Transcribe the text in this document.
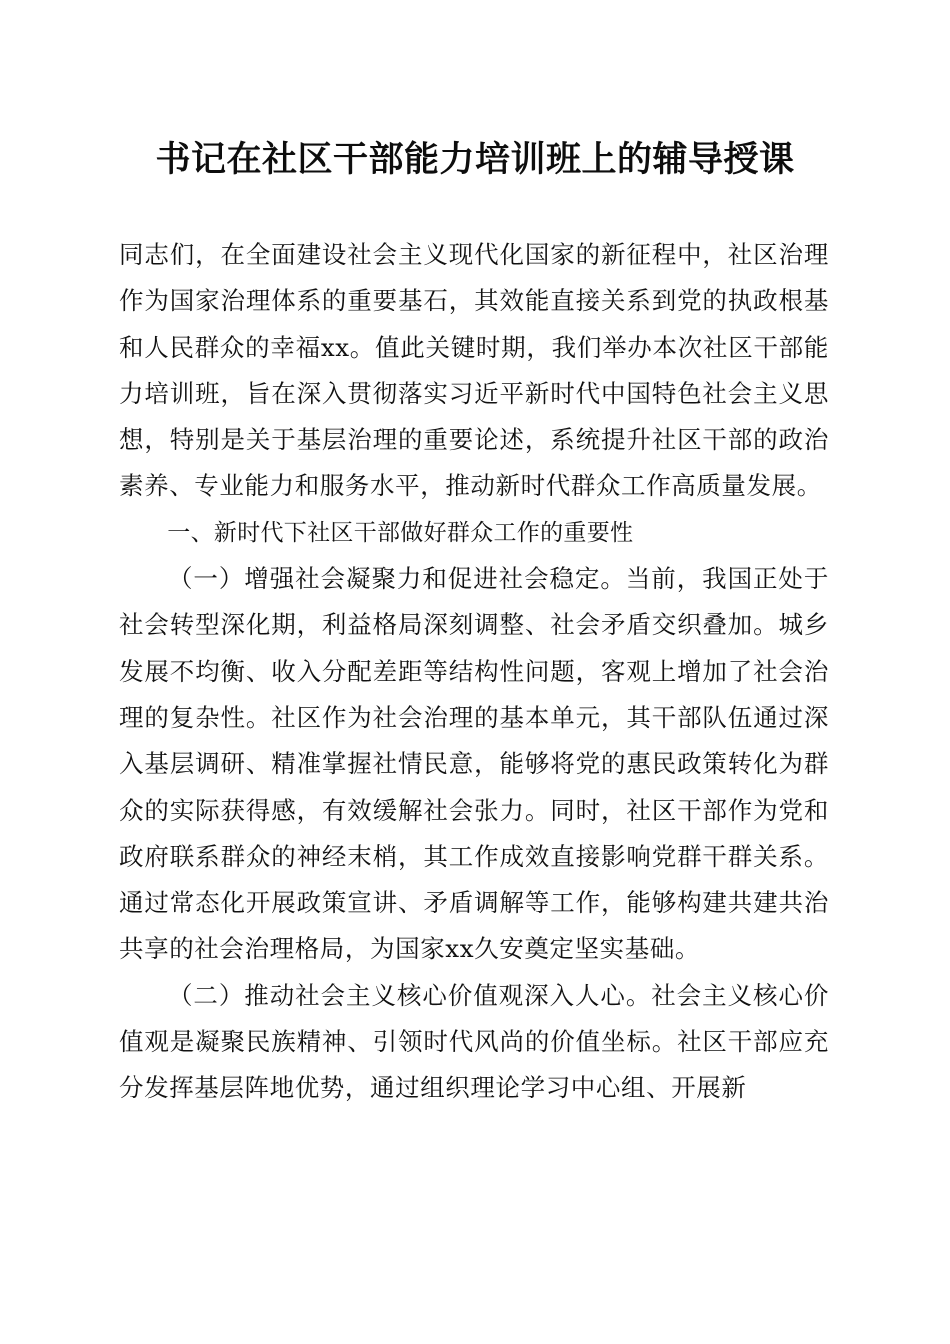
书记在社区干部能力培训班上的辅导授课

同志们，在全面建设社会主义现代化国家的新征程中，社区治理作为国家治理体系的重要基石，其效能直接关系到党的执政根基和人民群众的幸福xx。值此关键时期，我们举办本次社区干部能力培训班，旨在深入贯彻落实习近平新时代中国特色社会主义思想，特别是关于基层治理的重要论述，系统提升社区干部的政治素养、专业能力和服务水平，推动新时代群众工作高质量发展。

一、新时代下社区干部做好群众工作的重要性

（一）增强社会凝聚力和促进社会稳定。当前，我国正处于社会转型深化期，利益格局深刻调整、社会矛盾交织叠加。城乡发展不均衡、收入分配差距等结构性问题，客观上增加了社会治理的复杂性。社区作为社会治理的基本单元，其干部队伍通过深入基层调研、精准掌握社情民意，能够将党的惠民政策转化为群众的实际获得感，有效缓解社会张力。同时，社区干部作为党和政府联系群众的神经末梢，其工作成效直接影响党群干群关系。通过常态化开展政策宣讲、矛盾调解等工作，能够构建共建共治共享的社会治理格局，为国家xx久安奠定坚实基础。

（二）推动社会主义核心价值观深入人心。社会主义核心价值观是凝聚民族精神、引领时代风尚的价值坐标。社区干部应充分发挥基层阵地优势，通过组织理论学习中心组、开展新
